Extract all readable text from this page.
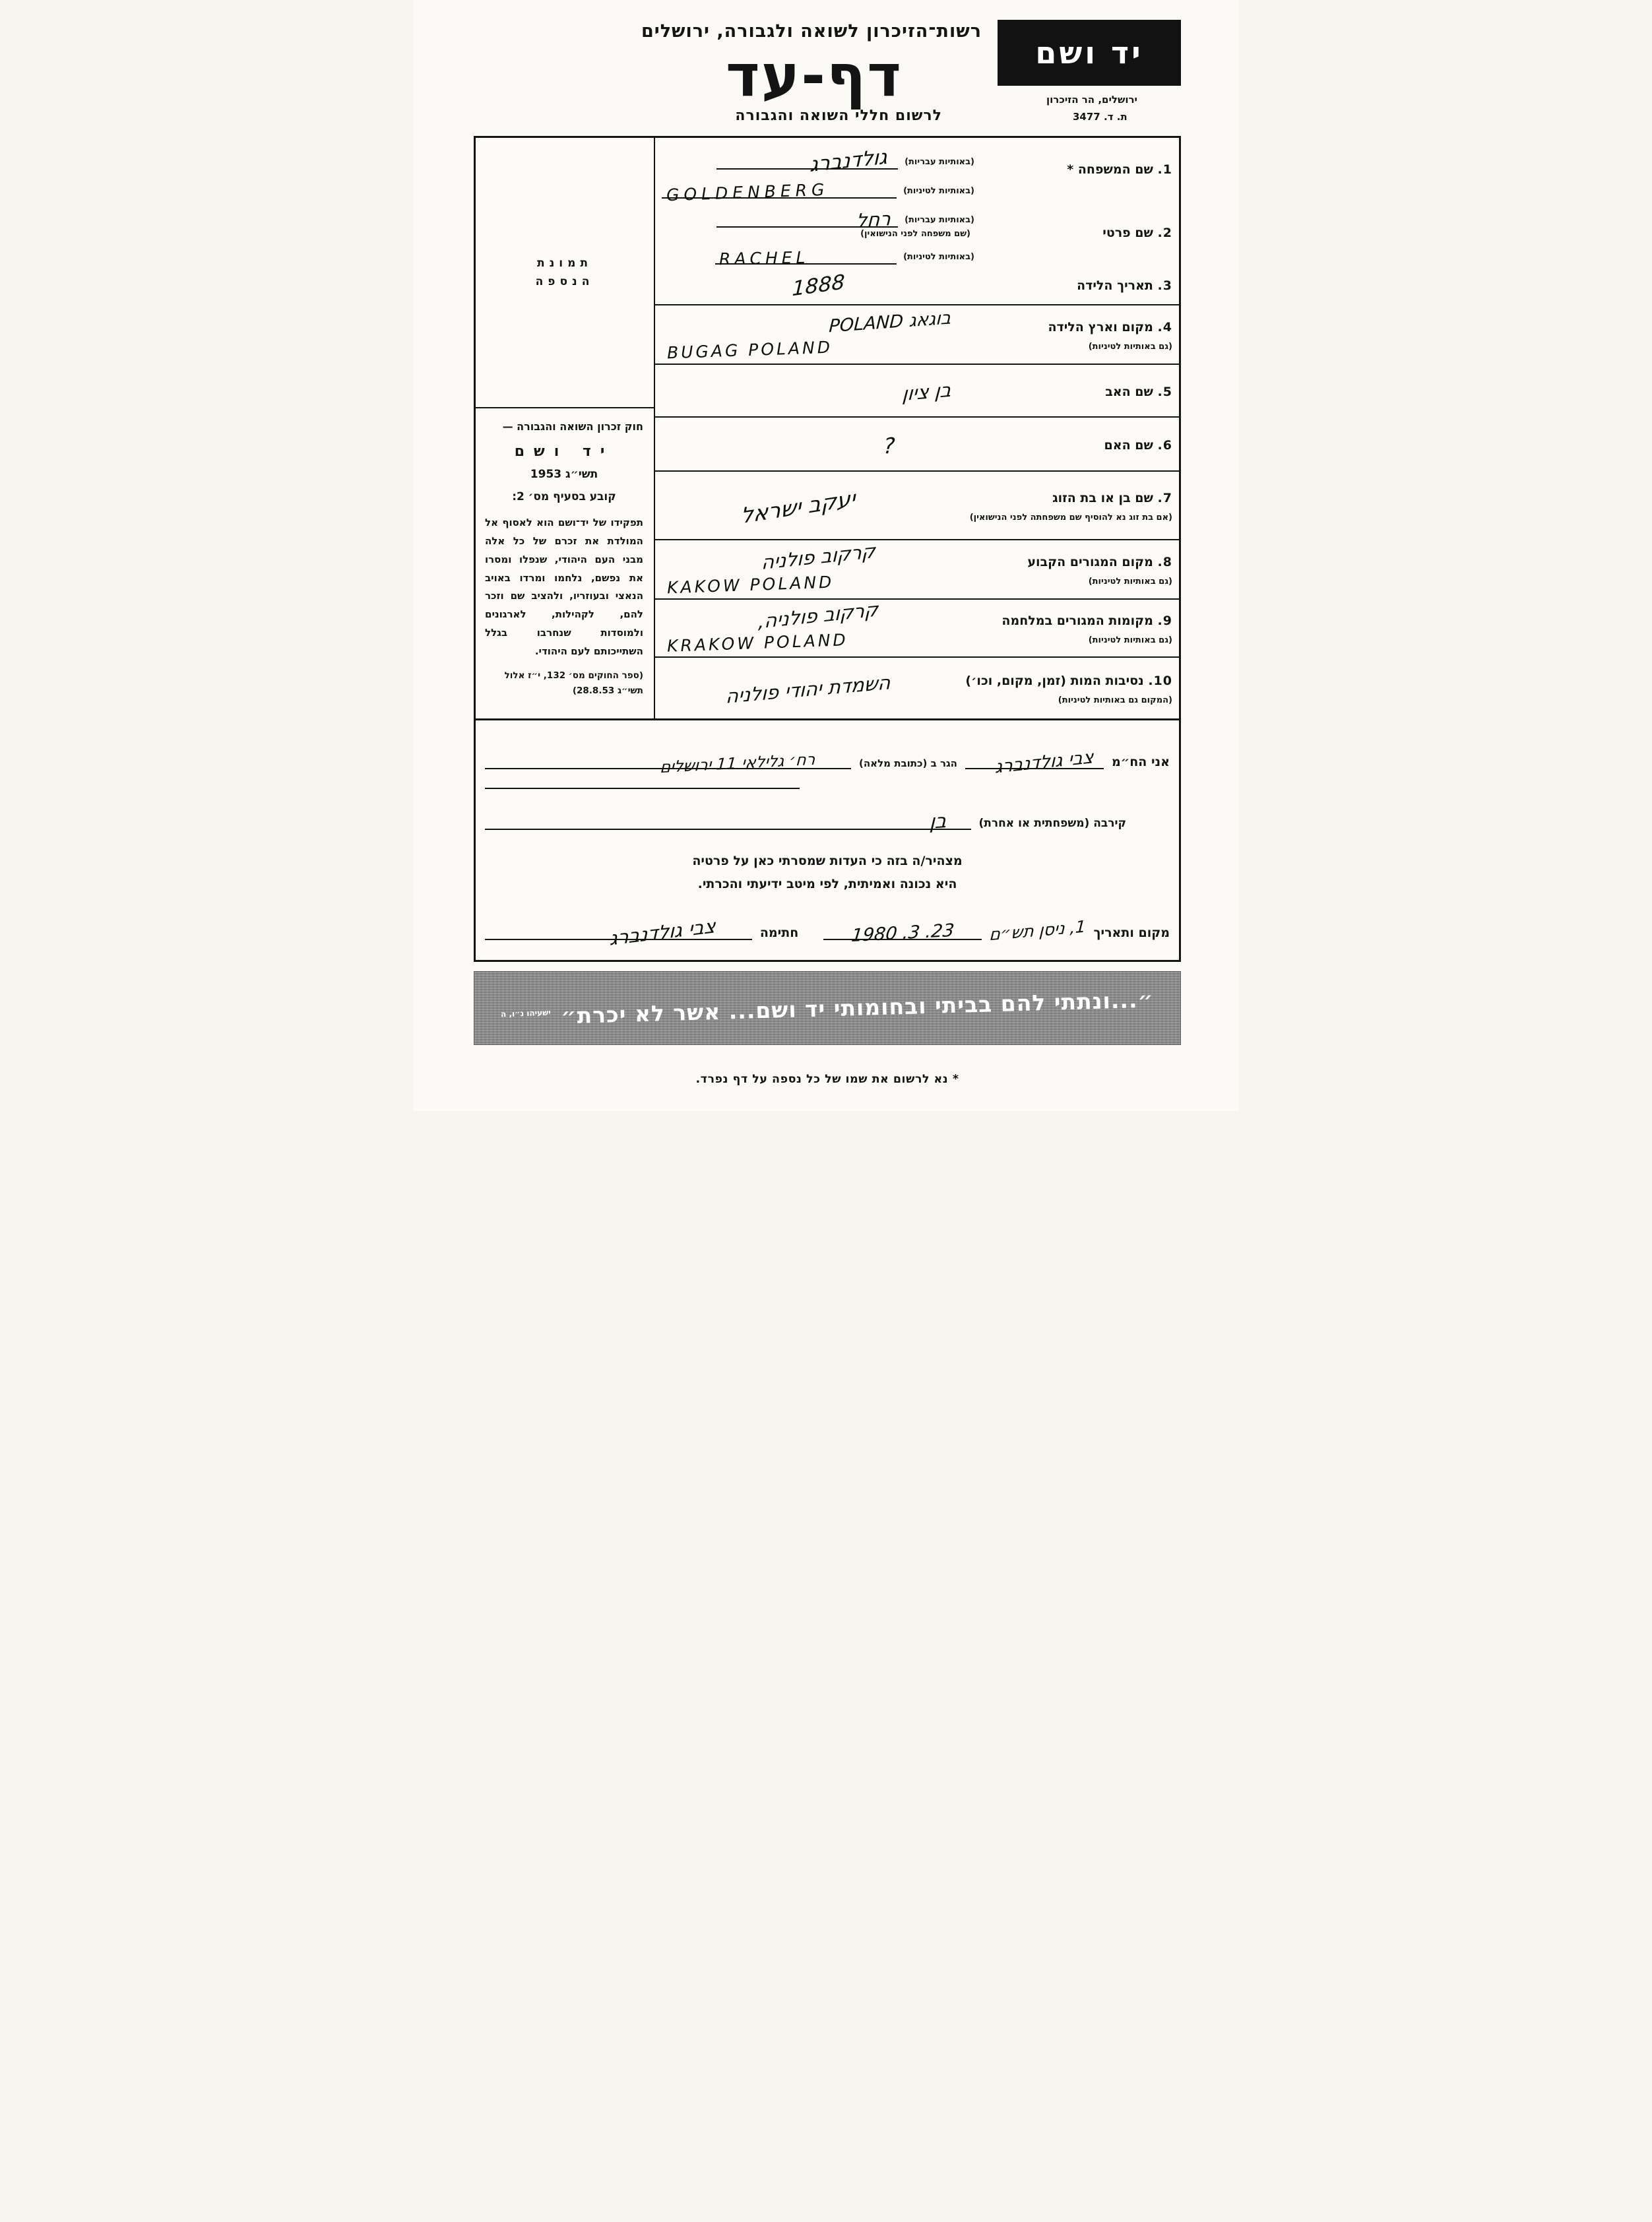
יד ושם
ירושלים, הר הזיכרון
ת. ד. 3477
רשות־הזיכרון לשואה ולגבורה, ירושלים
דף-עד
לרשום חללי השואה והגבורה
1. שם המשפחה *
(באותיות עבריות)
גולדנברג
(באותיות לטיניות)
GOLDENBERG
2. שם פרטי
(באותיות עבריות)
רחל
(שם משפחה לפני הנישואין)
(באותיות לטיניות)
RACHEL
3. תאריך הלידה
1888
4. מקום וארץ הלידה
(גם באותיות לטיניות)
בוגאג POLAND
BUGAG POLAND
5. שם האב
בן ציון
6. שם האם
?
7. שם בן או בת הזוג
(אם בת זוג נא להוסיף שם משפחתה לפני הנישואין)
יעקב ישראל
8. מקום המגורים הקבוע
(גם באותיות לטיניות)
קרקוב פולניה
KAKOW POLAND
9. מקומות המגורים במלחמה
(גם באותיות לטיניות)
קרקוב פולניה,
KRAKOW POLAND
10. נסיבות המות (זמן, מקום, וכו׳)
(המקום גם באותיות לטיניות)
השמדת יהודי פולניה
תמונת
הנספה
חוק זכרון השואה והגבורה —
יד ושם
תשי״ג 1953
קובע בסעיף מס׳ 2:

תפקידו של יד־ושם הוא לאסוף אל המולדת את זכרם של כל אלה מבני העם היהודי, שנפלו ומסרו את נפשם, נלחמו ומרדו באויב הנאצי ובעוזריו, ולהציב שם וזכר להם, לקהילות, לארגונים ולמוסדות שנחרבו בגלל השתייכותם לעם היהודי.

(ספר החוקים מס׳ 132, י״ז אלול תשי״ג 28.8.53)
אני הח״מ
צבי גולדנברג
הגר ב (כתובת מלאה)
רח׳ גלילאי 11 ירושלים
קירבה (משפחתית או אחרת)
בן
מצהיר/ה בזה כי העדות שמסרתי כאן על פרטיה
היא נכונה ואמיתית, לפי מיטב ידיעתי והכרתי.
מקום ותאריך
1, ניסן תש״ם
23. 3. 1980
חתימה
צבי גולדנברג
״...ונתתי להם בביתי ובחומותי יד ושם... אשר לא יכרת״
ישעיהו נ״ו, ה
* נא לרשום את שמו של כל נספה על דף נפרד.
